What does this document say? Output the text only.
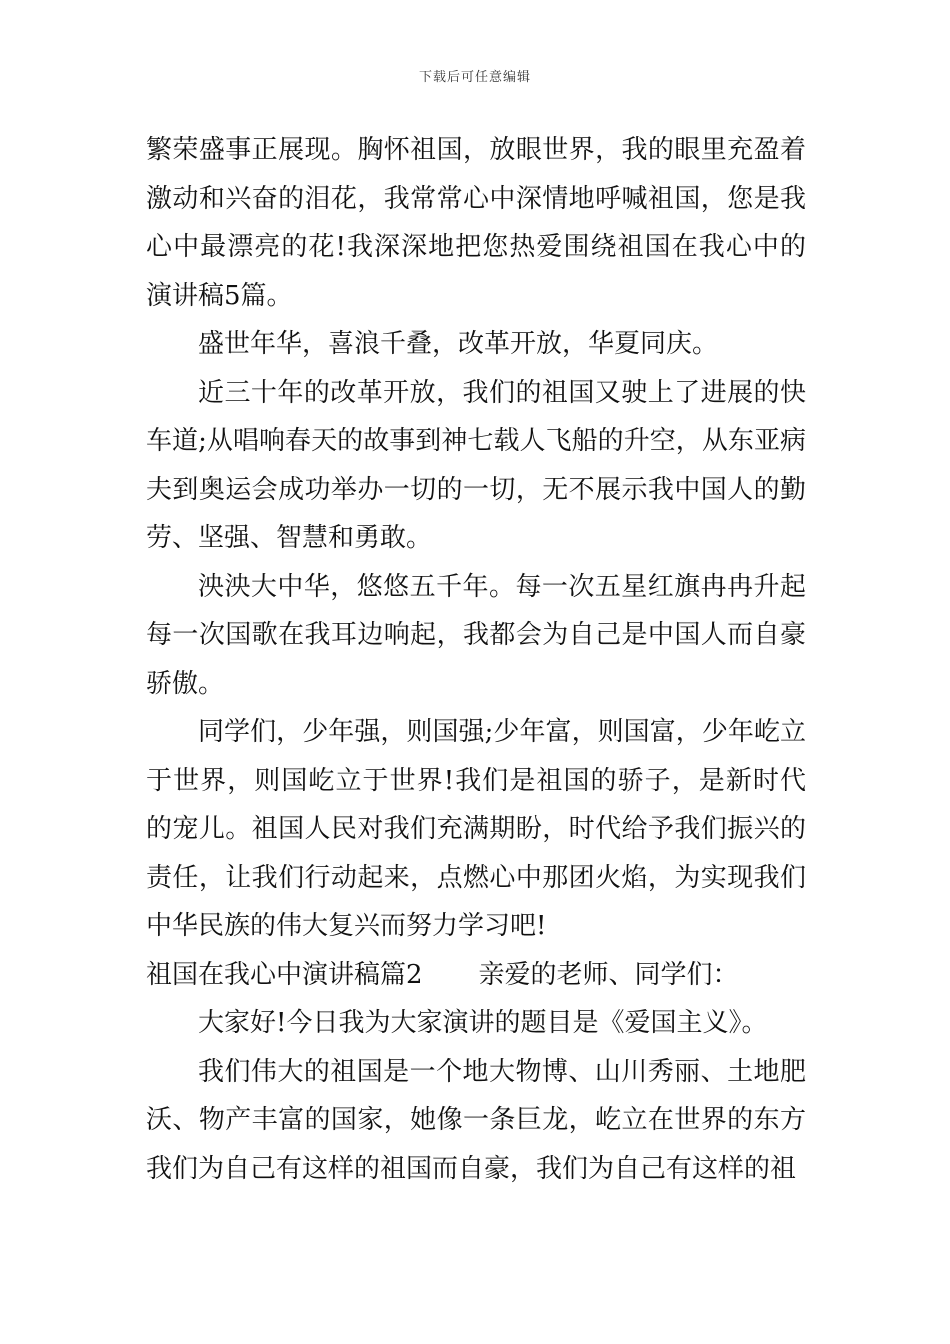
下载后可任意编辑

繁荣盛事正展现。胸怀祖国，放眼世界，我的眼里充盈着激动和兴奋的泪花，我常常心中深情地呼喊祖国，您是我心中最漂亮的花!我深深地把您热爱围绕祖国在我心中的演讲稿5篇。

盛世年华，喜浪千叠，改革开放，华夏同庆。

近三十年的改革开放，我们的祖国又驶上了进展的快车道;从唱响春天的故事到神七载人飞船的升空，从东亚病夫到奥运会成功举办一切的一切，无不展示我中国人的勤劳、坚强、智慧和勇敢。

泱泱大中华，悠悠五千年。每一次五星红旗冉冉升起每一次国歌在我耳边响起，我都会为自己是中国人而自豪骄傲。

同学们，少年强，则国强;少年富，则国富，少年屹立于世界，则国屹立于世界!我们是祖国的骄子，是新时代的宠儿。祖国人民对我们充满期盼，时代给予我们振兴的责任，让我们行动起来，点燃心中那团火焰，为实现我们中华民族的伟大复兴而努力学习吧!

祖国在我心中演讲稿篇2 亲爱的老师、同学们：

大家好!今日我为大家演讲的题目是《爱国主义》。

我们伟大的祖国是一个地大物博、山川秀丽、土地肥沃、物产丰富的国家，她像一条巨龙，屹立在世界的东方我们为自己有这样的祖国而自豪，我们为自己有这样的祖
